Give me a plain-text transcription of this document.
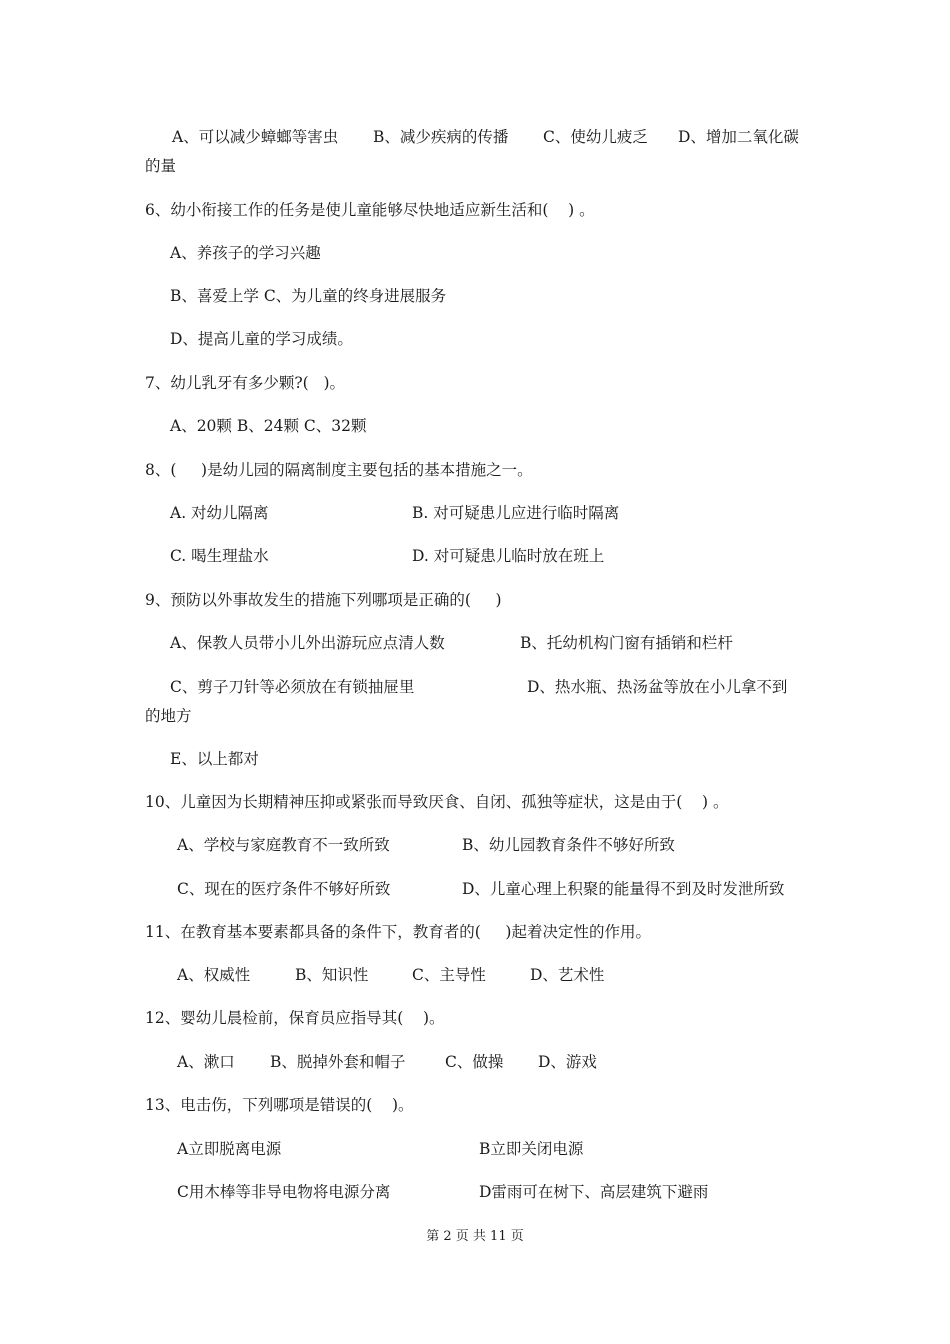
A、可以减少蟑螂等害虫 B、减少疾病的传播 C、使幼儿疲乏 D、增加二氧化碳
的量
6、幼小衔接工作的任务是使儿童能够尽快地适应新生活和(    ) 。
A、养孩子的学习兴趣
B、喜爱上学 C、为儿童的终身进展服务
D、提高儿童的学习成绩。
7、幼儿乳牙有多少颗?(   )。
A、20颗 B、24颗 C、32颗
8、(     )是幼儿园的隔离制度主要包括的基本措施之一。
A. 对幼儿隔离	B. 对可疑患儿应进行临时隔离
C. 喝生理盐水	D. 对可疑患儿临时放在班上
9、预防以外事故发生的措施下列哪项是正确的(     )
A、保教人员带小儿外出游玩应点清人数	B、托幼机构门窗有插销和栏杆
C、剪子刀针等必须放在有锁抽屉里	D、热水瓶、热汤盆等放在小儿拿不到
的地方
E、以上都对
10、儿童因为长期精神压抑或紧张而导致厌食、自闭、孤独等症状，这是由于(    ) 。
A、学校与家庭教育不一致所致	B、幼儿园教育条件不够好所致
C、现在的医疗条件不够好所致	D、儿童心理上积聚的能量得不到及时发泄所致
11、在教育基本要素都具备的条件下，教育者的(     )起着决定性的作用。
A、权威性	B、知识性	C、主导性	D、艺术性
12、婴幼儿晨检前，保育员应指导其(    )。
A、漱口 B、脱掉外套和帽子	C、做操 D、游戏
13、电击伤，下列哪项是错误的(    )。
A立即脱离电源	B立即关闭电源
C用木棒等非导电物将电源分离	D雷雨可在树下、高层建筑下避雨
第 2 页 共 11 页
